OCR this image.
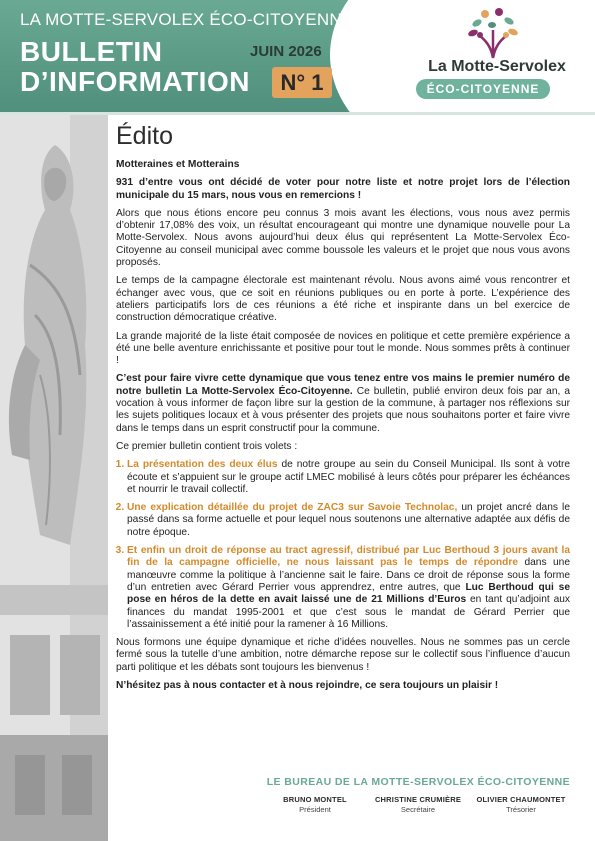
LA MOTTE-SERVOLEX ÉCO-CITOYENNE
BULLETIN
D’INFORMATION
JUIN 2026
N° 1
La Motte-Servolex
ÉCO-CITOYENNE
Édito

Motteraines et Motterains

931 d’entre vous ont décidé de voter pour notre liste et notre projet lors de l’élection municipale du 15 mars, nous vous en remercions !

Alors que nous étions encore peu connus 3 mois avant les élections, vous nous avez permis d’obtenir 17,08% des voix, un résultat encourageant qui montre une dynamique nouvelle pour La Motte-Servolex. Nous avons aujourd’hui deux élus qui représentent La Motte-Servolex Éco-Citoyenne au conseil municipal avec comme boussole les valeurs et le projet que nous vous avons proposés.

Le temps de la campagne électorale est maintenant révolu. Nous avons aimé vous rencontrer et échanger avec vous, que ce soit en réunions publiques ou en porte à porte. L’expérience des ateliers participatifs lors de ces réunions a été riche et inspirante dans un bel exercice de construction démocratique créative.

La grande majorité de la liste était composée de novices en politique et cette première expérience a été une belle aventure enrichissante et positive pour tout le monde. Nous sommes prêts à continuer !

C’est pour faire vivre cette dynamique que vous tenez entre vos mains le premier numéro de notre bulletin La Motte-Servolex Éco-Citoyenne. Ce bulletin, publié environ deux fois par an, a vocation à vous informer de façon libre sur la gestion de la commune, à partager nos réflexions sur les sujets politiques locaux et à vous présenter des projets que nous souhaitons porter et faire vivre dans le temps dans un esprit constructif pour la commune.

Ce premier bulletin contient trois volets :

1. La présentation des deux élus de notre groupe au sein du Conseil Municipal. Ils sont à votre écoute et s’appuient sur le groupe actif LMEC mobilisé à leurs côtés pour préparer les échéances et nourrir le travail collectif.
2. Une explication détaillée du projet de ZAC3 sur Savoie Technolac, un projet ancré dans le passé dans sa forme actuelle et pour lequel nous soutenons une alternative adaptée aux défis de notre époque.
3. Et enfin un droit de réponse au tract agressif, distribué par Luc Berthoud 3 jours avant la fin de la campagne officielle, ne nous laissant pas le temps de répondre dans une manœuvre comme la politique à l’ancienne sait le faire. Dans ce droit de réponse sous la forme d’un entretien avec Gérard Perrier vous apprendrez, entre autres, que Luc Berthoud qui se pose en héros de la dette en avait laissé une de 21 Millions d’Euros en tant qu’adjoint aux finances du mandat 1995-2001 et que c’est sous le mandat de Gérard Perrier que l’assainissement a été initié pour la ramener à 16 Millions.

Nous formons une équipe dynamique et riche d’idées nouvelles. Nous ne sommes pas un cercle fermé sous la tutelle d’une ambition, notre démarche repose sur le collectif sous l’influence d’aucun parti politique et les débats sont toujours les bienvenus !

N’hésitez pas à nous contacter et à nous rejoindre, ce sera toujours un plaisir !

LE BUREAU DE LA MOTTE-SERVOLEX ÉCO-CITOYENNE
BRUNO MONTEL
Président
CHRISTINE CRUMIÈRE
Secrétaire
OLIVIER CHAUMONTET
Trésorier
